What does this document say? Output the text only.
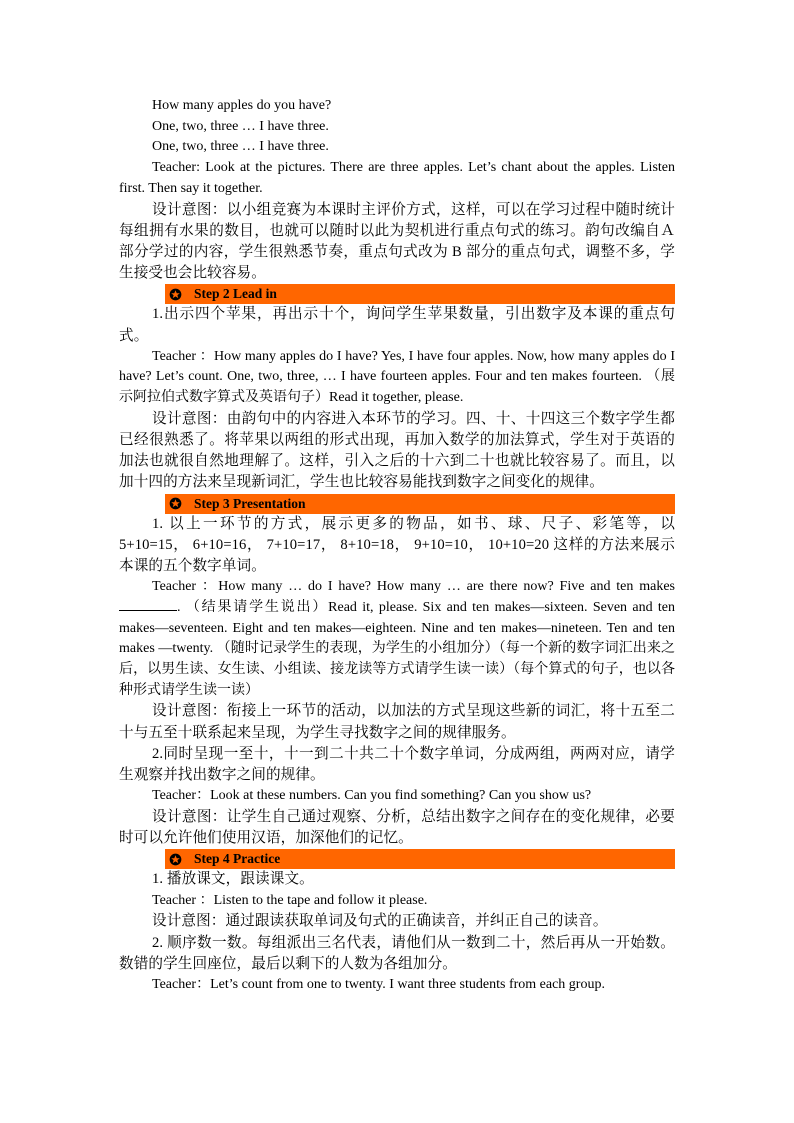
How many apples do you have?

One, two, three … I have three.

One, two, three … I have three.

Teacher: Look at the pictures. There are three apples. Let’s chant about the apples. Listen first. Then say it together.

设计意图：以小组竞赛为本课时主评价方式，这样，可以在学习过程中随时统计每组拥有水果的数目，也就可以随时以此为契机进行重点句式的练习。韵句改编自Ａ部分学过的内容，学生很熟悉节奏，重点句式改为 B 部分的重点句式，调整不多，学生接受也会比较容易。

Step 2 Lead in

1.出示四个苹果，再出示十个，询问学生苹果数量，引出数字及本课的重点句式。

Teacher ：How many apples do I have? Yes, I have four apples. Now, how many apples do I have? Let’s count. One, two, three, … I have fourteen apples. Four and ten makes fourteen. （展示阿拉伯式数字算式及英语句子）Read it together, please.

设计意图：由韵句中的内容进入本环节的学习。四、十、十四这三个数字学生都已经很熟悉了。将苹果以两组的形式出现，再加入数学的加法算式，学生对于英语的加法也就很自然地理解了。这样，引入之后的十六到二十也就比较容易了。而且，以加十四的方法来呈现新词汇，学生也比较容易能找到数字之间变化的规律。

Step 3 Presentation

1. 以上一环节的方式，展示更多的物品，如书、球、尺子、彩笔等，以5+10=15， 6+10=16， 7+10=17， 8+10=18， 9+10=10， 10+10=20 这样的方法来展示本课的五个数字单词。

Teacher ：How many … do I have? How many … are there now? Five and ten makes . （结果请学生说出）Read it, please. Six and ten makes—sixteen. Seven and ten makes—seventeen. Eight and ten makes—eighteen. Nine and ten makes—nineteen. Ten and ten makes —twenty. （随时记录学生的表现，为学生的小组加分）（每一个新的数字词汇出来之后，以男生读、女生读、小组读、接龙读等方式请学生读一读）（每个算式的句子，也以各种形式请学生读一读）

设计意图：衔接上一环节的活动，以加法的方式呈现这些新的词汇，将十五至二十与五至十联系起来呈现，为学生寻找数字之间的规律服务。

2.同时呈现一至十，十一到二十共二十个数字单词，分成两组，两两对应，请学生观察并找出数字之间的规律。

Teacher：Look at these numbers. Can you find something? Can you show us?

设计意图：让学生自己通过观察、分析，总结出数字之间存在的变化规律，必要时可以允许他们使用汉语，加深他们的记忆。

Step 4 Practice

1. 播放课文，跟读课文。

Teacher ：Listen to the tape and follow it please.

设计意图：通过跟读获取单词及句式的正确读音，并纠正自己的读音。

2. 顺序数一数。每组派出三名代表，请他们从一数到二十，然后再从一开始数。数错的学生回座位，最后以剩下的人数为各组加分。

Teacher：Let’s count from one to twenty. I want three students from each group.
